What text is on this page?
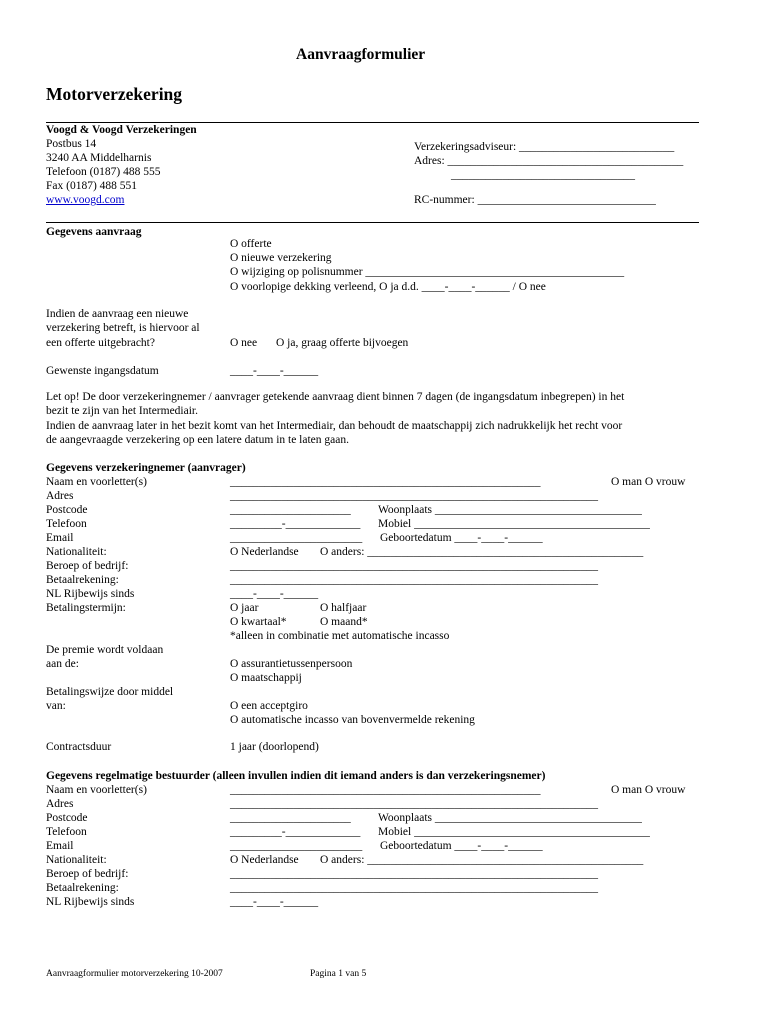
Aanvraagformulier
Motorverzekering
Voogd & Voogd Verzekeringen
Postbus 14
3240 AA Middelharnis
Telefoon (0187) 488 555
Fax (0187) 488 551
www.voogd.com
Verzekeringsadviseur: ___________________________
Adres: _________________________________________
________________________________
RC-nummer: _______________________________
Gegevens aanvraag
O offerte
O nieuwe verzekering
O wijziging op polisnummer _____________________________________________
O voorlopige dekking verleend, O ja d.d. ____-____-______ / O nee
Indien de aanvraag een nieuwe
verzekering betreft, is hiervoor al
een offerte uitgebracht?	O nee O ja, graag offerte bijvoegen
Gewenste ingangsdatum	____-____-______
Let op! De door verzekeringnemer / aanvrager getekende aanvraag dient binnen 7 dagen (de ingangsdatum inbegrepen) in het
bezit te zijn van het Intermediair.
Indien de aanvraag later in het bezit komt van het Intermediair, dan behoudt de maatschappij zich nadrukkelijk het recht voor
de aangevraagde verzekering op een latere datum in te laten gaan.
Gegevens verzekeringnemer (aanvrager)
Naam en voorletter(s)	______________________________________________________	O man O vrouw
Adres	________________________________________________________________
Postcode	_____________________ Woonplaats ____________________________________
Telefoon	_________-_____________ Mobiel _________________________________________
Email	_______________________ Geboortedatum ____-____-______
Nationaliteit:	O Nederlandse O anders: ________________________________________________
Beroep of bedrijf:	________________________________________________________________
Betaalrekening:	________________________________________________________________
NL Rijbewijs sinds	____-____-______
Betalingstermijn:	O jaar	O halfjaar
O kwartaal*	O maand*
*alleen in combinatie met automatische incasso
De premie wordt voldaan
aan de:	O assurantietussenpersoon
O maatschappij
Betalingswijze door middel
van:	O een acceptgiro
O automatische incasso van bovenvermelde rekening
Contractsduur	1 jaar (doorlopend)
Gegevens regelmatige bestuurder (alleen invullen indien dit iemand anders is dan verzekeringsnemer)
Naam en voorletter(s)	______________________________________________________	O man O vrouw
Adres	________________________________________________________________
Postcode	_____________________ Woonplaats ____________________________________
Telefoon	_________-_____________ Mobiel _________________________________________
Email	_______________________ Geboortedatum ____-____-______
Nationaliteit:	O Nederlandse O anders: ________________________________________________
Beroep of bedrijf:	________________________________________________________________
Betaalrekening:	________________________________________________________________
NL Rijbewijs sinds	____-____-______
Aanvraagformulier motorverzekering 10-2007	Pagina 1 van 5
